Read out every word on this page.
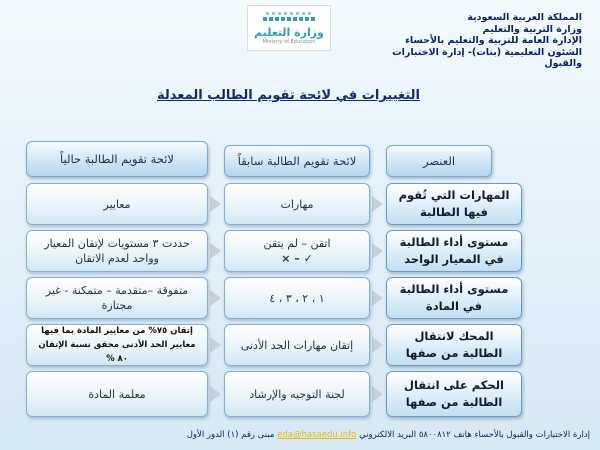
وزارة التعليم
Ministry of Education
المملكة العربية السعودية
وزارة التربية والتعليم
الإدارة العامة للتربية والتعليم بالأحساء
الشئون التعليمية (بنات)- إدارة الاختبارات
والقبول
التغييرات في لائحة تقويم الطالب المعدلة
العنصر
لائحة تقويم الطالبة سابقاً
لائحة تقويم الطالبة حالياً
المهارات التي تُقوم فيها الطالبة
مهارات
معايير
مستوى أداء الطالبة في المعيار الواحد
اتقن – لم يتقن
✓ – ×
حددت ٣ مستويات لإتقان المعيار وواحد لعدم الاتقان
مستوى أداء الطالبة في المادة
١ ، ٢ ، ٣ ، ٤
متفوقة –متقدمة – متمكنة - غير مجتازة
المحك لانتقال الطالبة من صفها
إتقان مهارات الحد الأدنى
إتقان ٧٥% من معايير المادة بما فيها معايير الحد الأدنى محقق نسبة الإتقان ٨٠ %
الحكم على انتقال الطالبة من صفها
لجنة التوجيه والإرشاد
معلمة المادة
إدارة الاختبارات والقبول بالأحساء هاتف ٥٨٠٠٨١٢ البريد الالكتروني eda@hasaedu.info مبنى رقم (١) الدور الأول
